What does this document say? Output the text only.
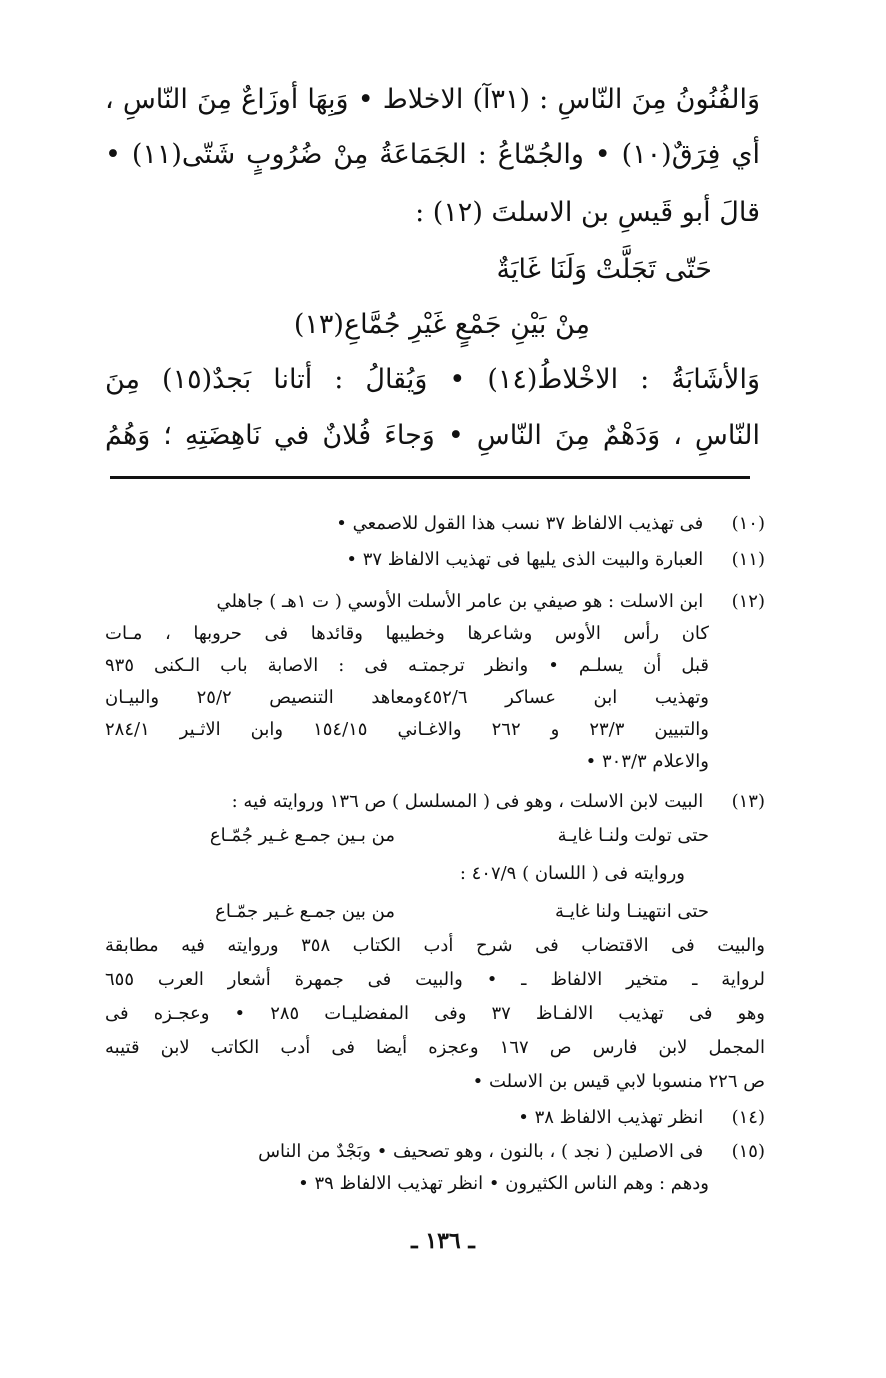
وَالفُنُونُ مِنَ النّاسِ : (٣١آ) الاخلاط • وَبِهَا أوزَاعٌ مِنَ النّاسِ ،
أي فِرَقٌ(١٠) • والجُمّاعُ : الجَمَاعَةُ مِنْ ضُرُوبٍ شَتّى(١١) •
قالَ أبو قَيسِ بن الاسلتَ (١٢) :
حَتّى تَجَلَّتْ وَلَنَا غَايَةٌ
مِنْ بَيْنِ جَمْعٍ غَيْرِ جُمَّاعِ(١٣)
وَالأشَابَةُ : الاخْلاطُ(١٤) • وَيُقالُ : أتانا بَجدٌ(١٥) مِنَ
النّاسِ ، وَدَهْمٌ مِنَ النّاسِ • وَجاءَ فُلانٌ في نَاهِضَتِهِ ؛ وَهُمُ
(١٠) فى تهذيب الالفاظ ٣٧ نسب هذا القول للاصمعي •
(١١) العبارة والبيت الذى يليها فى تهذيب الالفاظ ٣٧ •
(١٢) ابن الاسلت : هو صيفي بن عامر الأسلت الأوسي ( ت ١هـ ) جاهلي
كان رأس الأوس وشاعرها وخطيبها وقائدها فى حروبها ، مـات
قبل أن يسلـم • وانظر ترجمتـه فى : الاصابة باب الـكنى ٩٣٥
وتهذيب ابن عساكر ٤٥٢/٦ومعاهد التنصيص ٢٥/٢ والبيـان
والتبيين ٢٣/٣ و ٢٦٢ والاغـاني ١٥٤/١٥ وابن الاثـير ٢٨٤/١
والاعلام ٣٠٣/٣ •
(١٣) البيت لابن الاسلت ، وهو فى ( المسلسل ) ص ١٣٦ وروايته فيه :
حتى تولت ولنـا غايـة
من بـين جمـع غـير جُمّـاع
وروايته فى ( اللسان ) ٤٠٧/٩ :
حتى انتهينـا ولنا غايـة
من بين جمـع غـير جمّـاع
والبيت فى الاقتضاب فى شرح أدب الكتاب ٣٥٨ وروايته فيه مطابقة
لرواية ـ متخير الالفاظ ـ • والبيت فى جمهرة أشعار العرب ٦٥٥
وهو فى تهذيب الالفـاظ ٣٧ وفى المفضليـات ٢٨٥ • وعجـزه فى
المجمل لابن فارس ص ١٦٧ وعجزه أيضا فى أدب الكاتب لابن قتيبه
ص ٢٢٦ منسوبا لابي قيس بن الاسلت •
(١٤) انظر تهذيب الالفاظ ٣٨ •
(١٥) فى الاصلين ( نجد ) ، بالنون ، وهو تصحيف • وبَجْدٌ من الناس
ودهم : وهم الناس الكثيرون • انظر تهذيب الالفاظ ٣٩ •
ـ ١٣٦ ـ
